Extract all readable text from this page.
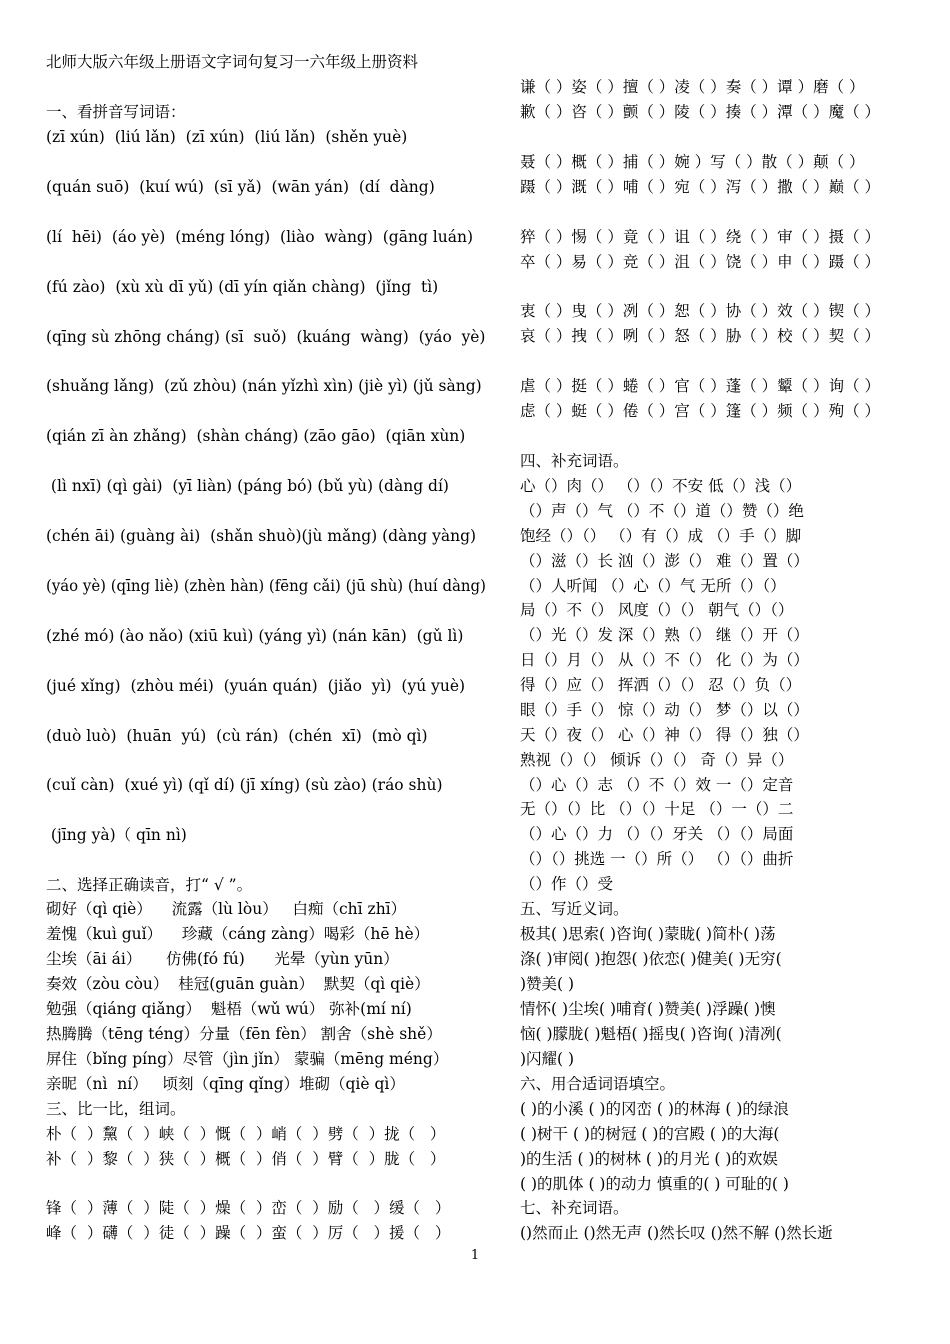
北师大版六年级上册语文字词句复习一六年级上册资料
一、看拼音写词语：
(zī xún)  (liú lǎn)  (zī xún)  (liú lǎn)  (shěn yuè)
(quán suō)  (kuí wú)  (sī yǎ)  (wān yán)  (dí  dàng)
(lí  hēi)  (áo yè)  (méng lóng)  (liào  wàng)  (gāng luán)
(fú zào)  (xù xù dī yǔ) (dī yín qiǎn chàng)  (jǐng  tì)
(qīng sù zhōng cháng) (sī  suǒ)  (kuáng  wàng)  (yáo  yè)
(shuǎng lǎng)  (zǔ zhòu) (nán yǐzhì xìn) (jiè yì) (jǔ sàng)
(qián zī àn zhǎng)  (shàn cháng) (zāo gāo)  (qiān xùn)
(lì nxī) (qì gài)  (yī liàn) (páng bó) (bǔ yù) (dàng dí)
(chén āi) (guàng ài)  (shǎn shuò)(jù mǎng) (dàng yàng)
(yáo yè) (qīng liè) (zhèn hàn) (fēng cǎi) (jū shù) (huí dàng)
(zhé mó) (ào nǎo) (xiū kuì) (yáng yì) (nán kān)  (gǔ lì)
(jué xǐng)  (zhòu méi)  (yuán quán)  (jiǎo  yì)  (yú yuè)
(duò luò)  (huān  yú)  (cù rán)  (chén  xī)  (mò qì)
(cuǐ càn)  (xué yì) (qǐ dí) (jī xíng) (sù zào) (ráo shù)
(jīng yà)（ qīn nì)
二、选择正确读音，打“ √ ”。
砌好（qì qiè）    流露（lù lòu）   白痴（chī zhī）
羞愧（kuì guǐ）    珍藏（cáng zàng）喝彩（hē hè）
尘埃（āi ái）     仿佛(fó fú)      光晕（yùn yūn）
奏效（zòu còu）  桂冠(guān guàn）  默契（qì qiè）
勉强（qiáng qiǎng）  魁梧（wǔ wú） 弥补(mí ní)
热腾腾（tēng téng）分量（fēn fèn） 割舍（shè shě）
屏住（bǐng píng）尽管（jìn jǐn） 蒙骗（mēng méng）
亲昵（nì  ní）   顷刻（qīng qǐng）堆砌（qiè qì）
三、比一比，组词。
朴（  ）黧（  ）峡（  ）慨（  ）峭（  ）劈（  ）拢（   ）
补（  ）黎（  ）狭（  ）概（  ）俏（  ）臂（  ）胧（   ）
锋（  ）薄（  ）陡（  ）燥（  ）峦（  ）励（   ）缓（   ）
峰（  ）礴（  ）徒（  ）躁（  ）蛮（  ）厉（   ）援（   ）
谦（ ）姿（ ）擅（ ）凌（ ）奏（ ）谭 ）磨（ ）
歉（ ）咨（ ）颤（ ）陵（ ）揍（ ）潭（ ）魔（ ）
聂（ ）概（ ）捕（ ）婉 ）写（ ）散（ ）颠（ ）
蹑（ ）溉（ ）哺（ ）宛（ ）泻（ ）撒（ ）巅（ ）
猝（ ）惕（ ）竟（ ）诅（ ）绕（ ）审（ ）摄（ ）
卒（ ）易（ ）竞（ ）沮（ ）饶（ ）申（ ）蹑（ ）
衷（ ）曳（ ）冽（ ）恕（ ）协（ ）效（ ）锲（ ）
哀（ ）拽（ ）咧（ ）怒（ ）胁（ ）校（ ）契（ ）
虐（ ）挺（ ）蜷（ ）官（ ）蓬（ ）颦（ ）询（ ）
虑（ ）蜓（ ）倦（ ）宫（ ）篷（ ）频（ ）殉（ ）
四、补充词语。
心（）肉（） （）（）不安 低（）浅（）
（）声（）气 （）不（）道（）赞（）绝
饱经（）（） （）有（）成 （）手（）脚
（）滋（）长 汹（）澎（） 难（）置（）
（）人听闻 （）心（）气 无所（）（）
局（）不（） 风度（）（） 朝气（）（）
（）光（）发 深（）熟（） 继（）开（）
日（）月（） 从（）不（） 化（）为（）
得（）应（） 挥洒（）（） 忍（）负（）
眼（）手（） 惊（）动（） 梦（）以（）
天（）夜（） 心（）神（） 得（）独（）
熟视（）（） 倾诉（）（） 奇（）异（）
（）心（）志 （）不（）效 一（）定音
无（）（）比 （）（）十足 （）一（）二
（）心（）力 （）（）牙关 （）（）局面
（）（）挑选 一（）所（） （）（）曲折
（）作（）受
五、写近义词。
极其( )思索( )咨询( )蒙眬( )简朴( )荡
涤( )审阅( )抱怨( )依恋( )健美( )无穷(
)赞美( )
情怀( )尘埃( )哺育( )赞美( )浮躁( )懊
恼( )朦胧( )魁梧( )摇曳( )咨询( )清冽(
)闪耀( )
六、用合适词语填空。
( )的小溪 ( )的冈峦 ( )的林海 ( )的绿浪
( )树干 ( )的树冠 ( )的宫殿 ( )的大海(
)的生活 ( )的树林 ( )的月光 ( )的欢娱
( )的肌体 ( )的动力 慎重的( ) 可耻的( )
七、补充词语。
()然而止 ()然无声 ()然长叹 ()然不解 ()然长逝
1
